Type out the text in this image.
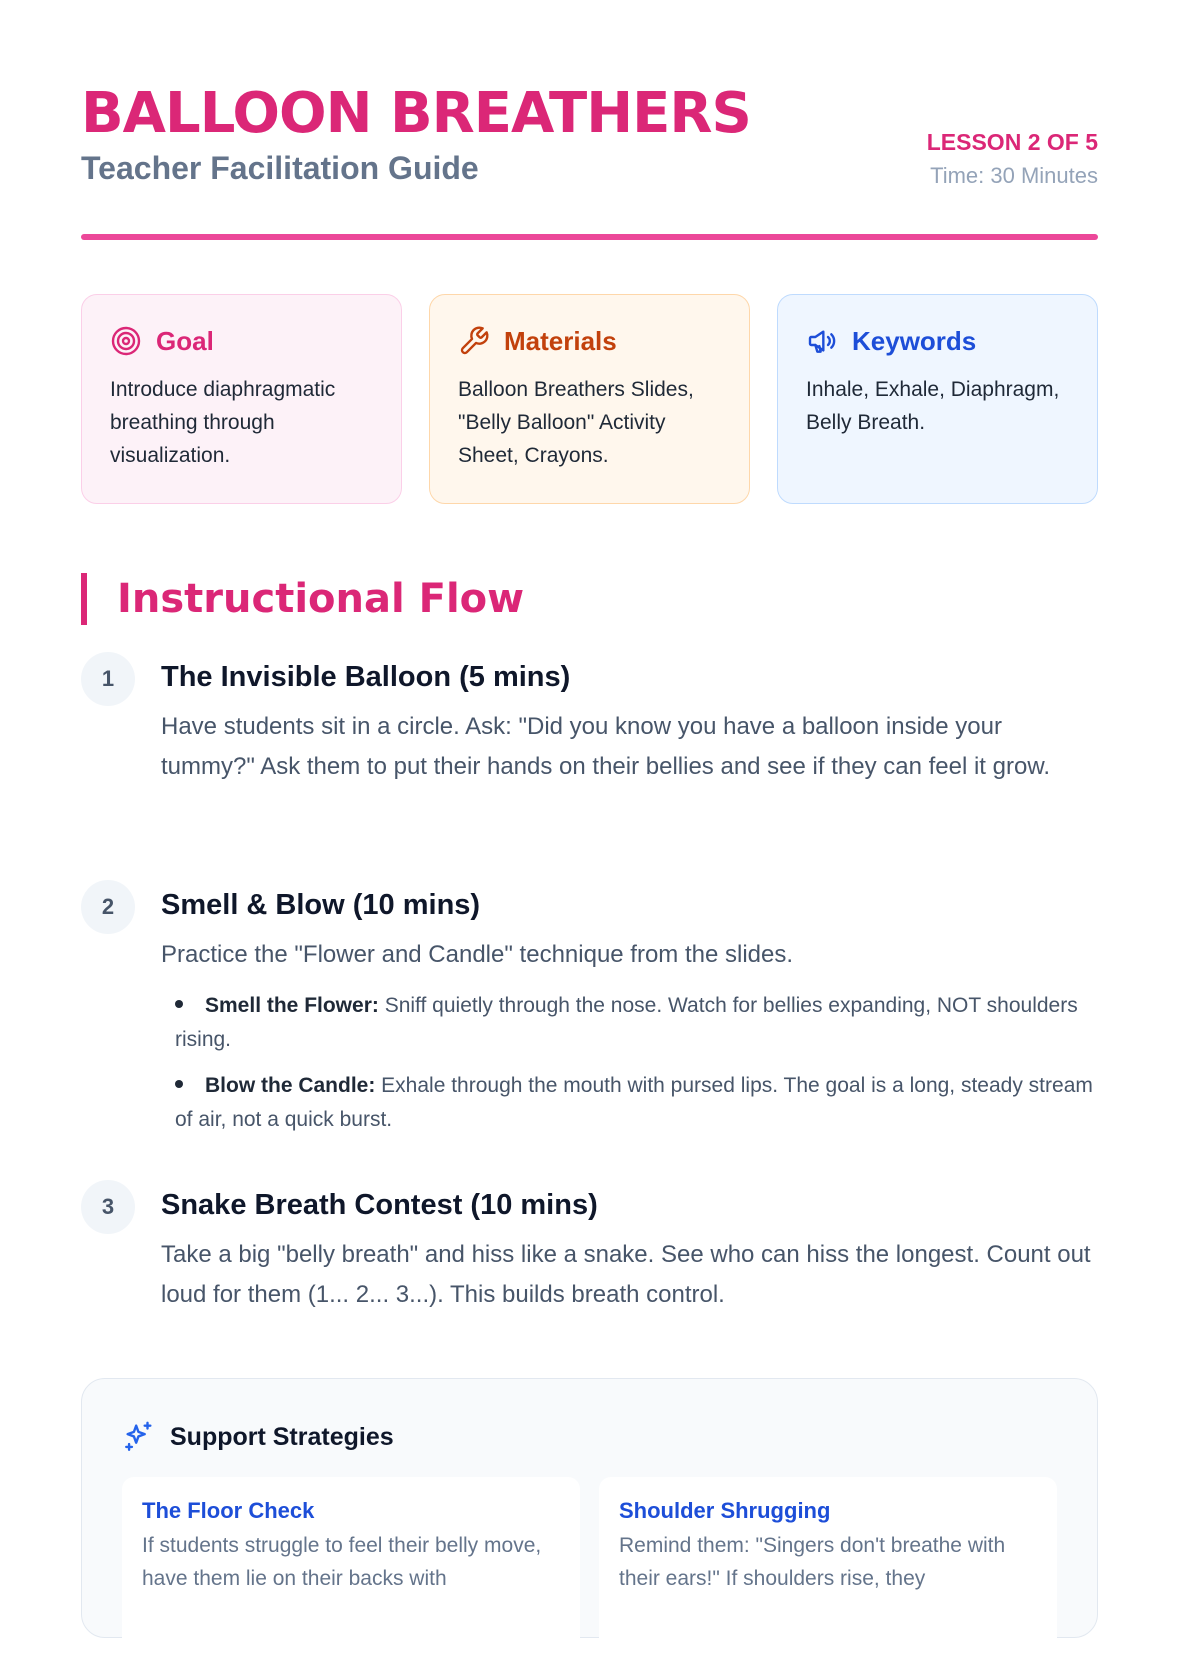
BALLOON BREATHERS
Teacher Facilitation Guide
LESSON 2 OF 5
Time: 30 Minutes
Goal
Introduce diaphragmatic breathing through visualization.
Materials
Balloon Breathers Slides, "Belly Balloon" Activity Sheet, Crayons.
Keywords
Inhale, Exhale, Diaphragm, Belly Breath.
Instructional Flow
1	The Invisible Balloon (5 mins)
Have students sit in a circle. Ask: "Did you know you have a balloon inside your tummy?" Ask them to put their hands on their bellies and see if they can feel it grow.
2	Smell & Blow (10 mins)
Practice the "Flower and Candle" technique from the slides.
Smell the Flower: Sniff quietly through the nose. Watch for bellies expanding, NOT shoulders rising.
Blow the Candle: Exhale through the mouth with pursed lips. The goal is a long, steady stream of air, not a quick burst.
3	Snake Breath Contest (10 mins)
Take a big "belly breath" and hiss like a snake. See who can hiss the longest. Count out loud for them (1... 2... 3...). This builds breath control.
Support Strategies
The Floor Check
If students struggle to feel their belly move, have them lie on their backs with
Shoulder Shrugging
Remind them: "Singers don't breathe with their ears!" If shoulders rise, they
